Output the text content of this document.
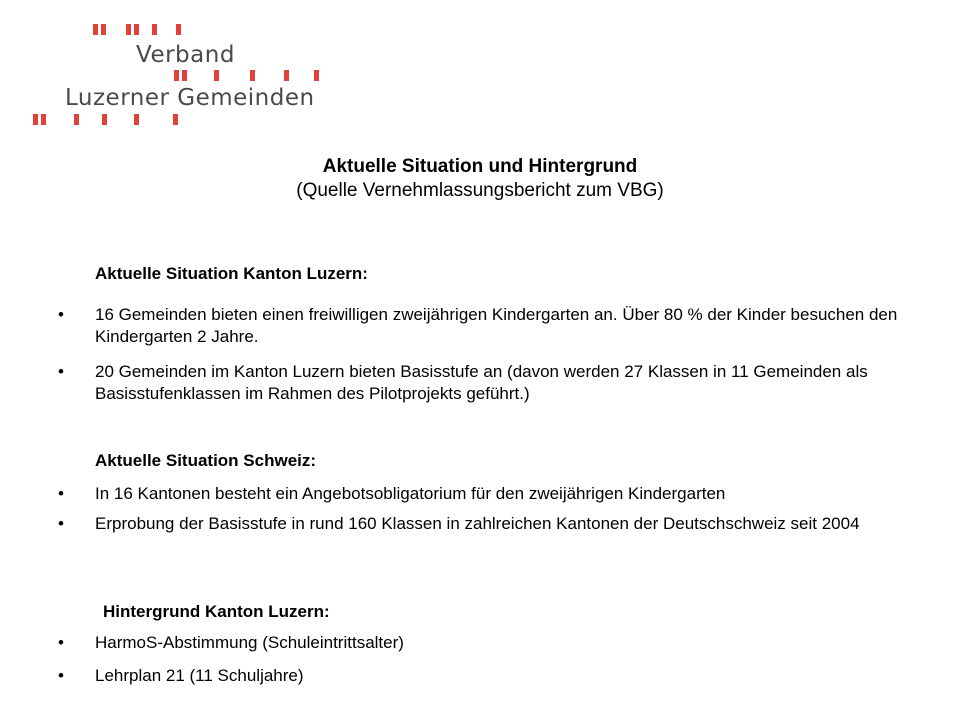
Verband
Luzerner Gemeinden
Aktuelle Situation und Hintergrund
(Quelle Vernehmlassungsbericht zum VBG)
Aktuelle Situation Kanton Luzern:
• 16 Gemeinden bieten einen freiwilligen zweijährigen Kindergarten an. Über 80 % der Kinder besuchen den Kindergarten 2 Jahre.
• 20 Gemeinden im Kanton Luzern bieten Basisstufe an (davon werden 27 Klassen in 11 Gemeinden als Basisstufenklassen im Rahmen des Pilotprojekts geführt.)
Aktuelle Situation Schweiz:
• In 16 Kantonen besteht ein Angebotsobligatorium für den zweijährigen Kindergarten
• Erprobung der Basisstufe in rund 160 Klassen in zahlreichen Kantonen der Deutschschweiz seit 2004
Hintergrund Kanton Luzern:
• HarmoS-Abstimmung (Schuleintrittsalter)
• Lehrplan 21 (11 Schuljahre)
